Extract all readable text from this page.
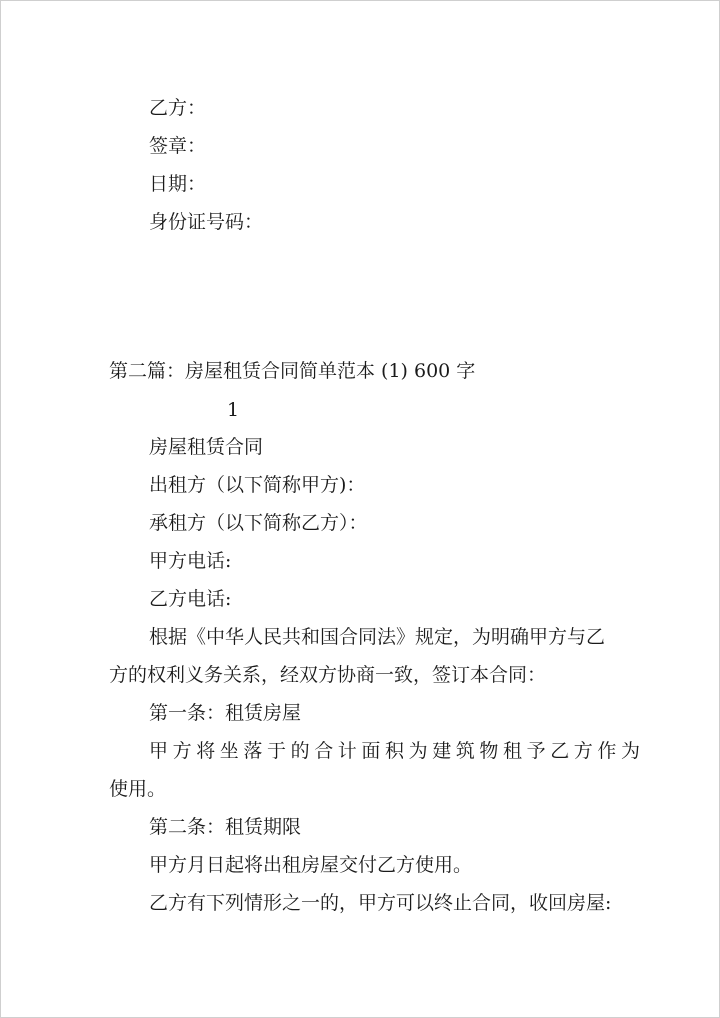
乙方：
签章：
日期：
身份证号码：
第二篇：房屋租赁合同简单范本 (1) 600 字
1
房屋租赁合同
出租方（以下简称甲方)：
承租方（以下简称乙方）：
甲方电话:
乙方电话:
根据《中华人民共和国合同法》规定，为明确甲方与乙
方的权利义务关系，经双方协商一致，签订本合同：
第一条：租赁房屋
甲方将坐落于的合计面积为建筑物租予乙方作为
使用。
第二条：租赁期限
甲方月日起将出租房屋交付乙方使用。
乙方有下列情形之一的，甲方可以终止合同，收回房屋:
